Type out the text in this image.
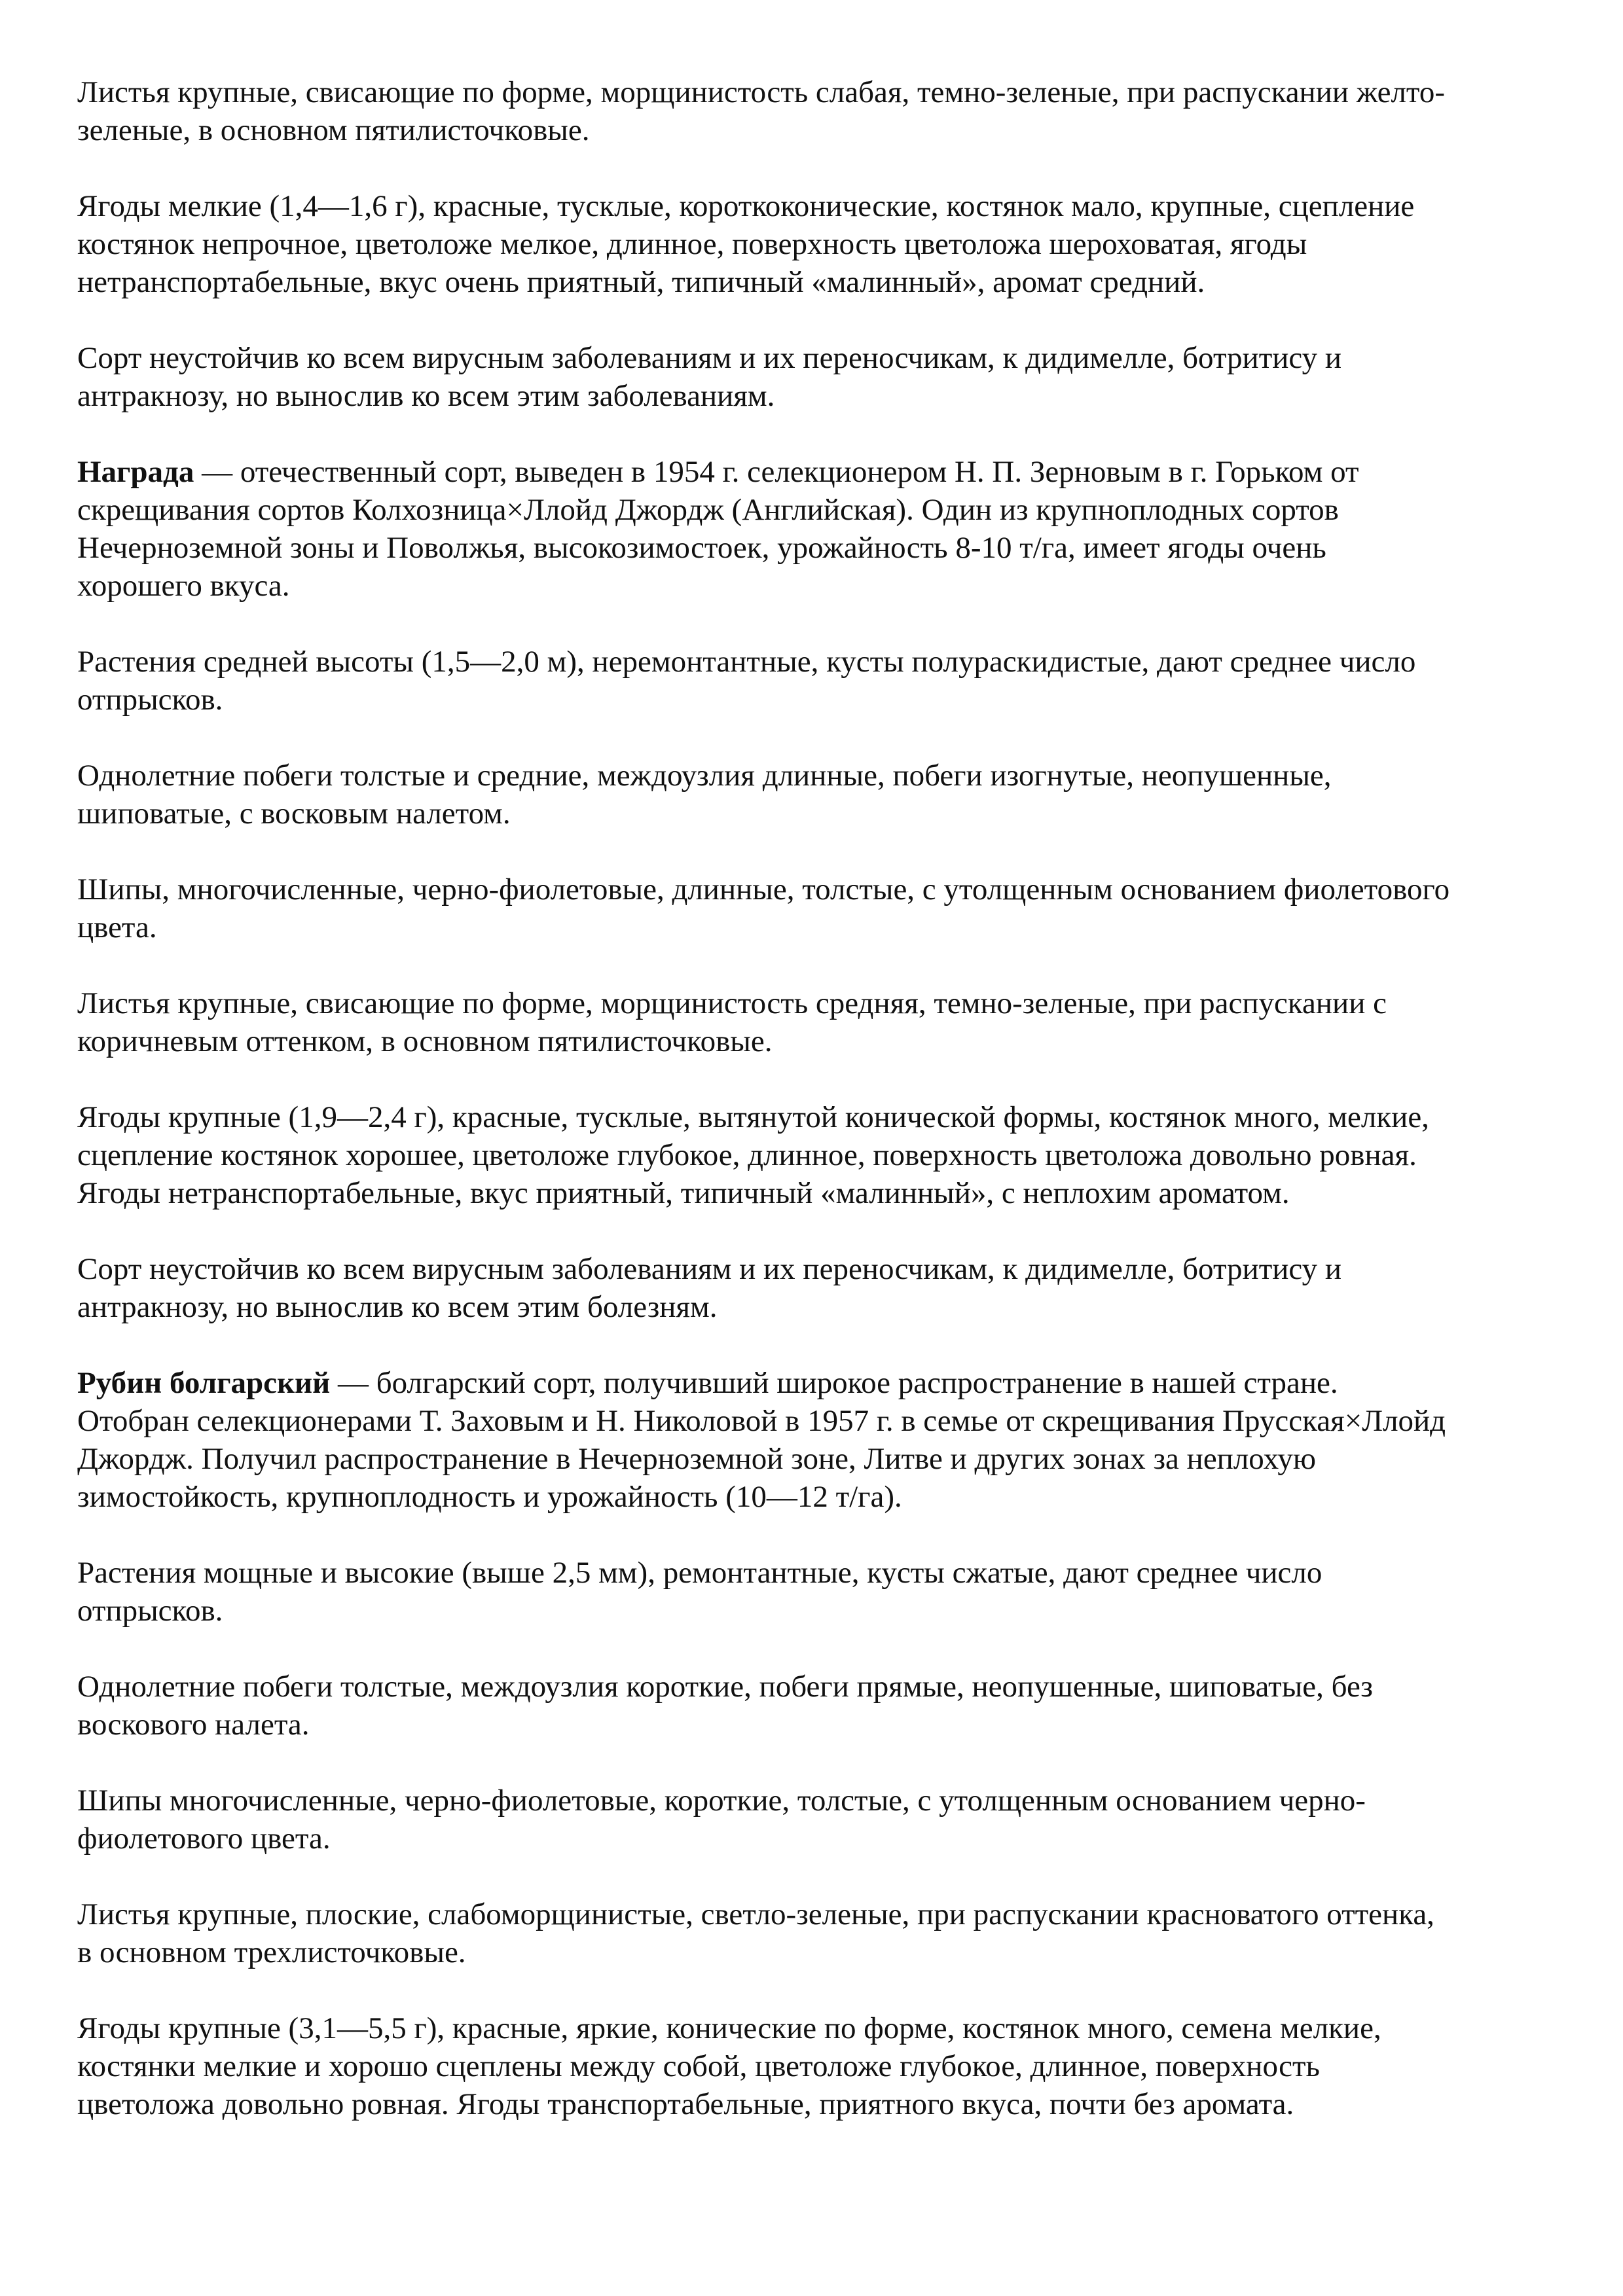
Листья крупные, свисающие по форме, морщинистость слабая, темно-зеленые, при распускании желто-
зеленые, в основном пятилисточковые.

Ягоды мелкие (1,4—1,6 г), красные, тусклые, короткоконические, костянок мало, крупные, сцепление
костянок непрочное, цветоложе мелкое, длинное, поверхность цветоложа шероховатая, ягоды
нетранспортабельные, вкус очень приятный, типичный «малинный», аромат средний.

Сорт неустойчив ко всем вирусным заболеваниям и их переносчикам, к дидимелле, ботритису и
антракнозу, но вынослив ко всем этим заболеваниям.

Награда — отечественный сорт, выведен в 1954 г. селекционером Н. П. Зерновым в г. Горьком от
скрещивания сортов Колхозница×Ллойд Джордж (Английская). Один из крупноплодных сортов
Нечерноземной зоны и Поволжья, высокозимостоек, урожайность 8-10 т/га, имеет ягоды очень
хорошего вкуса.

Растения средней высоты (1,5—2,0 м), неремонтантные, кусты полураскидистые, дают среднее число
отпрысков.

Однолетние побеги толстые и средние, междоузлия длинные, побеги изогнутые, неопушенные,
шиповатые, с восковым налетом.

Шипы, многочисленные, черно-фиолетовые, длинные, толстые, с утолщенным основанием фиолетового
цвета.

Листья крупные, свисающие по форме, морщинистость средняя, темно-зеленые, при распускании с
коричневым оттенком, в основном пятилисточковые.

Ягоды крупные (1,9—2,4 г), красные, тусклые, вытянутой конической формы, костянок много, мелкие,
сцепление костянок хорошее, цветоложе глубокое, длинное, поверхность цветоложа довольно ровная.
Ягоды нетранспортабельные, вкус приятный, типичный «малинный», с неплохим ароматом.

Сорт неустойчив ко всем вирусным заболеваниям и их переносчикам, к дидимелле, ботритису и
антракнозу, но вынослив ко всем этим болезням.

Рубин болгарский — болгарский сорт, получивший широкое распространение в нашей стране.
Отобран селекционерами Т. Заховым и Н. Николовой в 1957 г. в семье от скрещивания Прусская×Ллойд
Джордж. Получил распространение в Нечерноземной зоне, Литве и других зонах за неплохую
зимостойкость, крупноплодность и урожайность (10—12 т/га).

Растения мощные и высокие (выше 2,5 мм), ремонтантные, кусты сжатые, дают среднее число
отпрысков.

Однолетние побеги толстые, междоузлия короткие, побеги прямые, неопушенные, шиповатые, без
воскового налета.

Шипы многочисленные, черно-фиолетовые, короткие, толстые, с утолщенным основанием черно-
фиолетового цвета.

Листья крупные, плоские, слабоморщинистые, светло-зеленые, при распускании красноватого оттенка,
в основном трехлисточковые.

Ягоды крупные (3,1—5,5 г), красные, яркие, конические по форме, костянок много, семена мелкие,
костянки мелкие и хорошо сцеплены между собой, цветоложе глубокое, длинное, поверхность
цветоложа довольно ровная. Ягоды транспортабельные, приятного вкуса, почти без аромата.
